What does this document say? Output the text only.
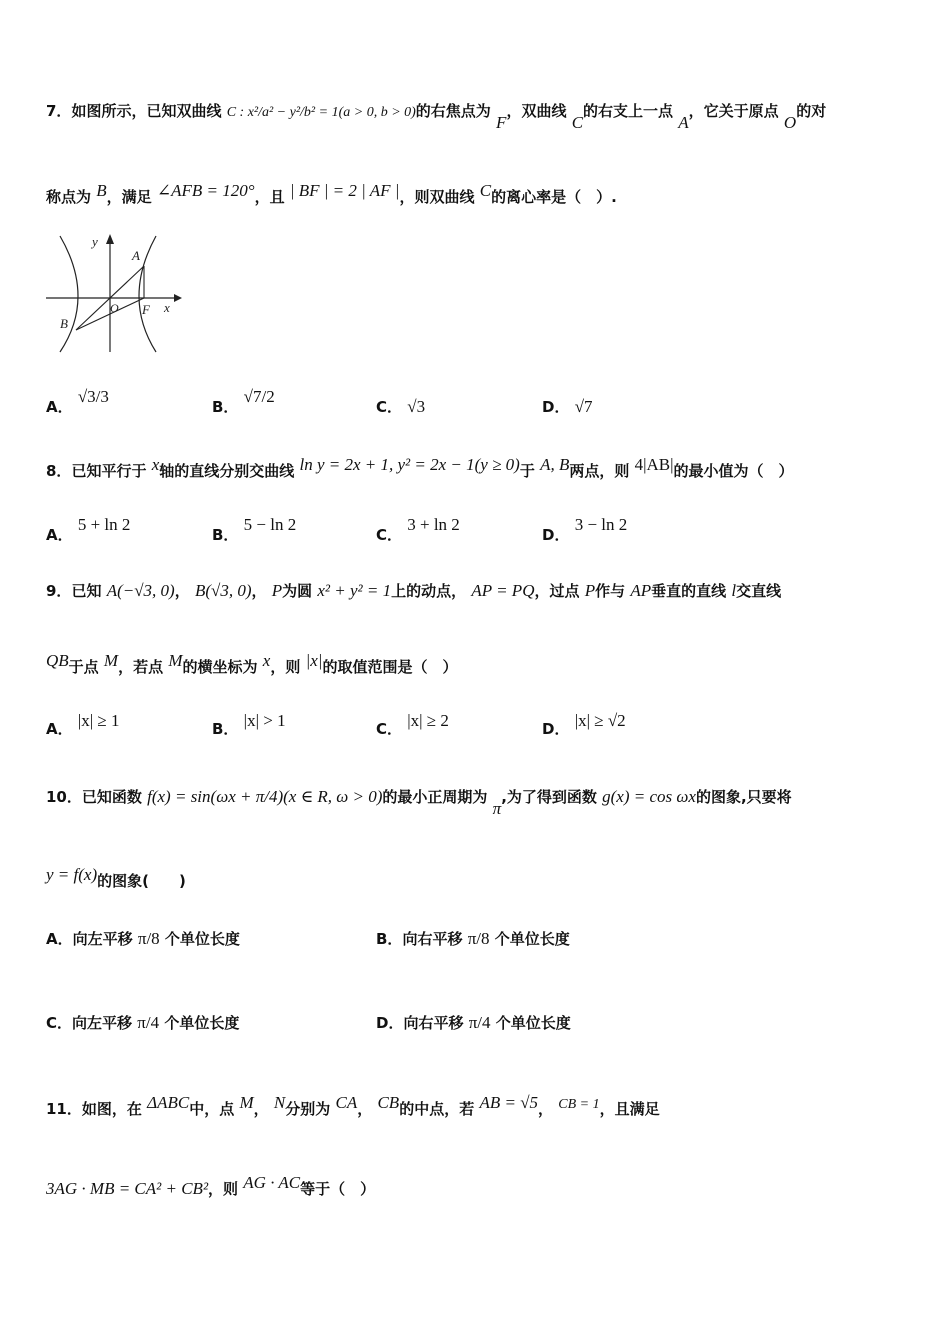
7．如图所示，已知双曲线 C : x²/a² − y²/b² = 1(a > 0, b > 0)的右焦点为 F，双曲线 C的右支上一点 A，它关于原点 O的对
称点为 B，满足 ∠AFB = 120°，且 | BF | = 2 | AF |，则双曲线 C的离心率是（　）.
y
A
O F x
B
A． √3/3
B． √7/2
C． √3	D． √7
8．已知平行于 x轴的直线分别交曲线 ln y = 2x + 1, y² = 2x − 1(y ≥ 0)于 A, B两点，则 4|AB|的最小值为（　）
A． 5 + ln 2
B． 5 − ln 2
C． 3 + ln 2
D． 3 − ln 2
9．已知 A(−√3, 0)， B(√3, 0)， P为圆 x² + y² = 1上的动点， AP = PQ，过点 P作与 AP垂直的直线 l交直线
QB于点 M，若点 M的横坐标为 x，则 |x|的取值范围是（　）
A． |x| ≥ 1	B． |x| > 1	C． |x| ≥ 2	D． |x| ≥ √2
10．已知函数 f(x) = sin(ωx + π/4)(x ∈ R, ω > 0)的最小正周期为 π,为了得到函数 g(x) = cos ωx的图象,只要将
y = f(x)的图象(　　)
A．向左平移 π/8 个单位长度	B．向右平移 π/8 个单位长度
C．向左平移 π/4 个单位长度	D．向右平移 π/4 个单位长度
11．如图，在 ΔABC中，点 M， N分别为 CA， CB的中点，若 AB = √5， CB = 1，且满足
3AG · MB = CA² + CB²，则 AG · AC等于（　）
